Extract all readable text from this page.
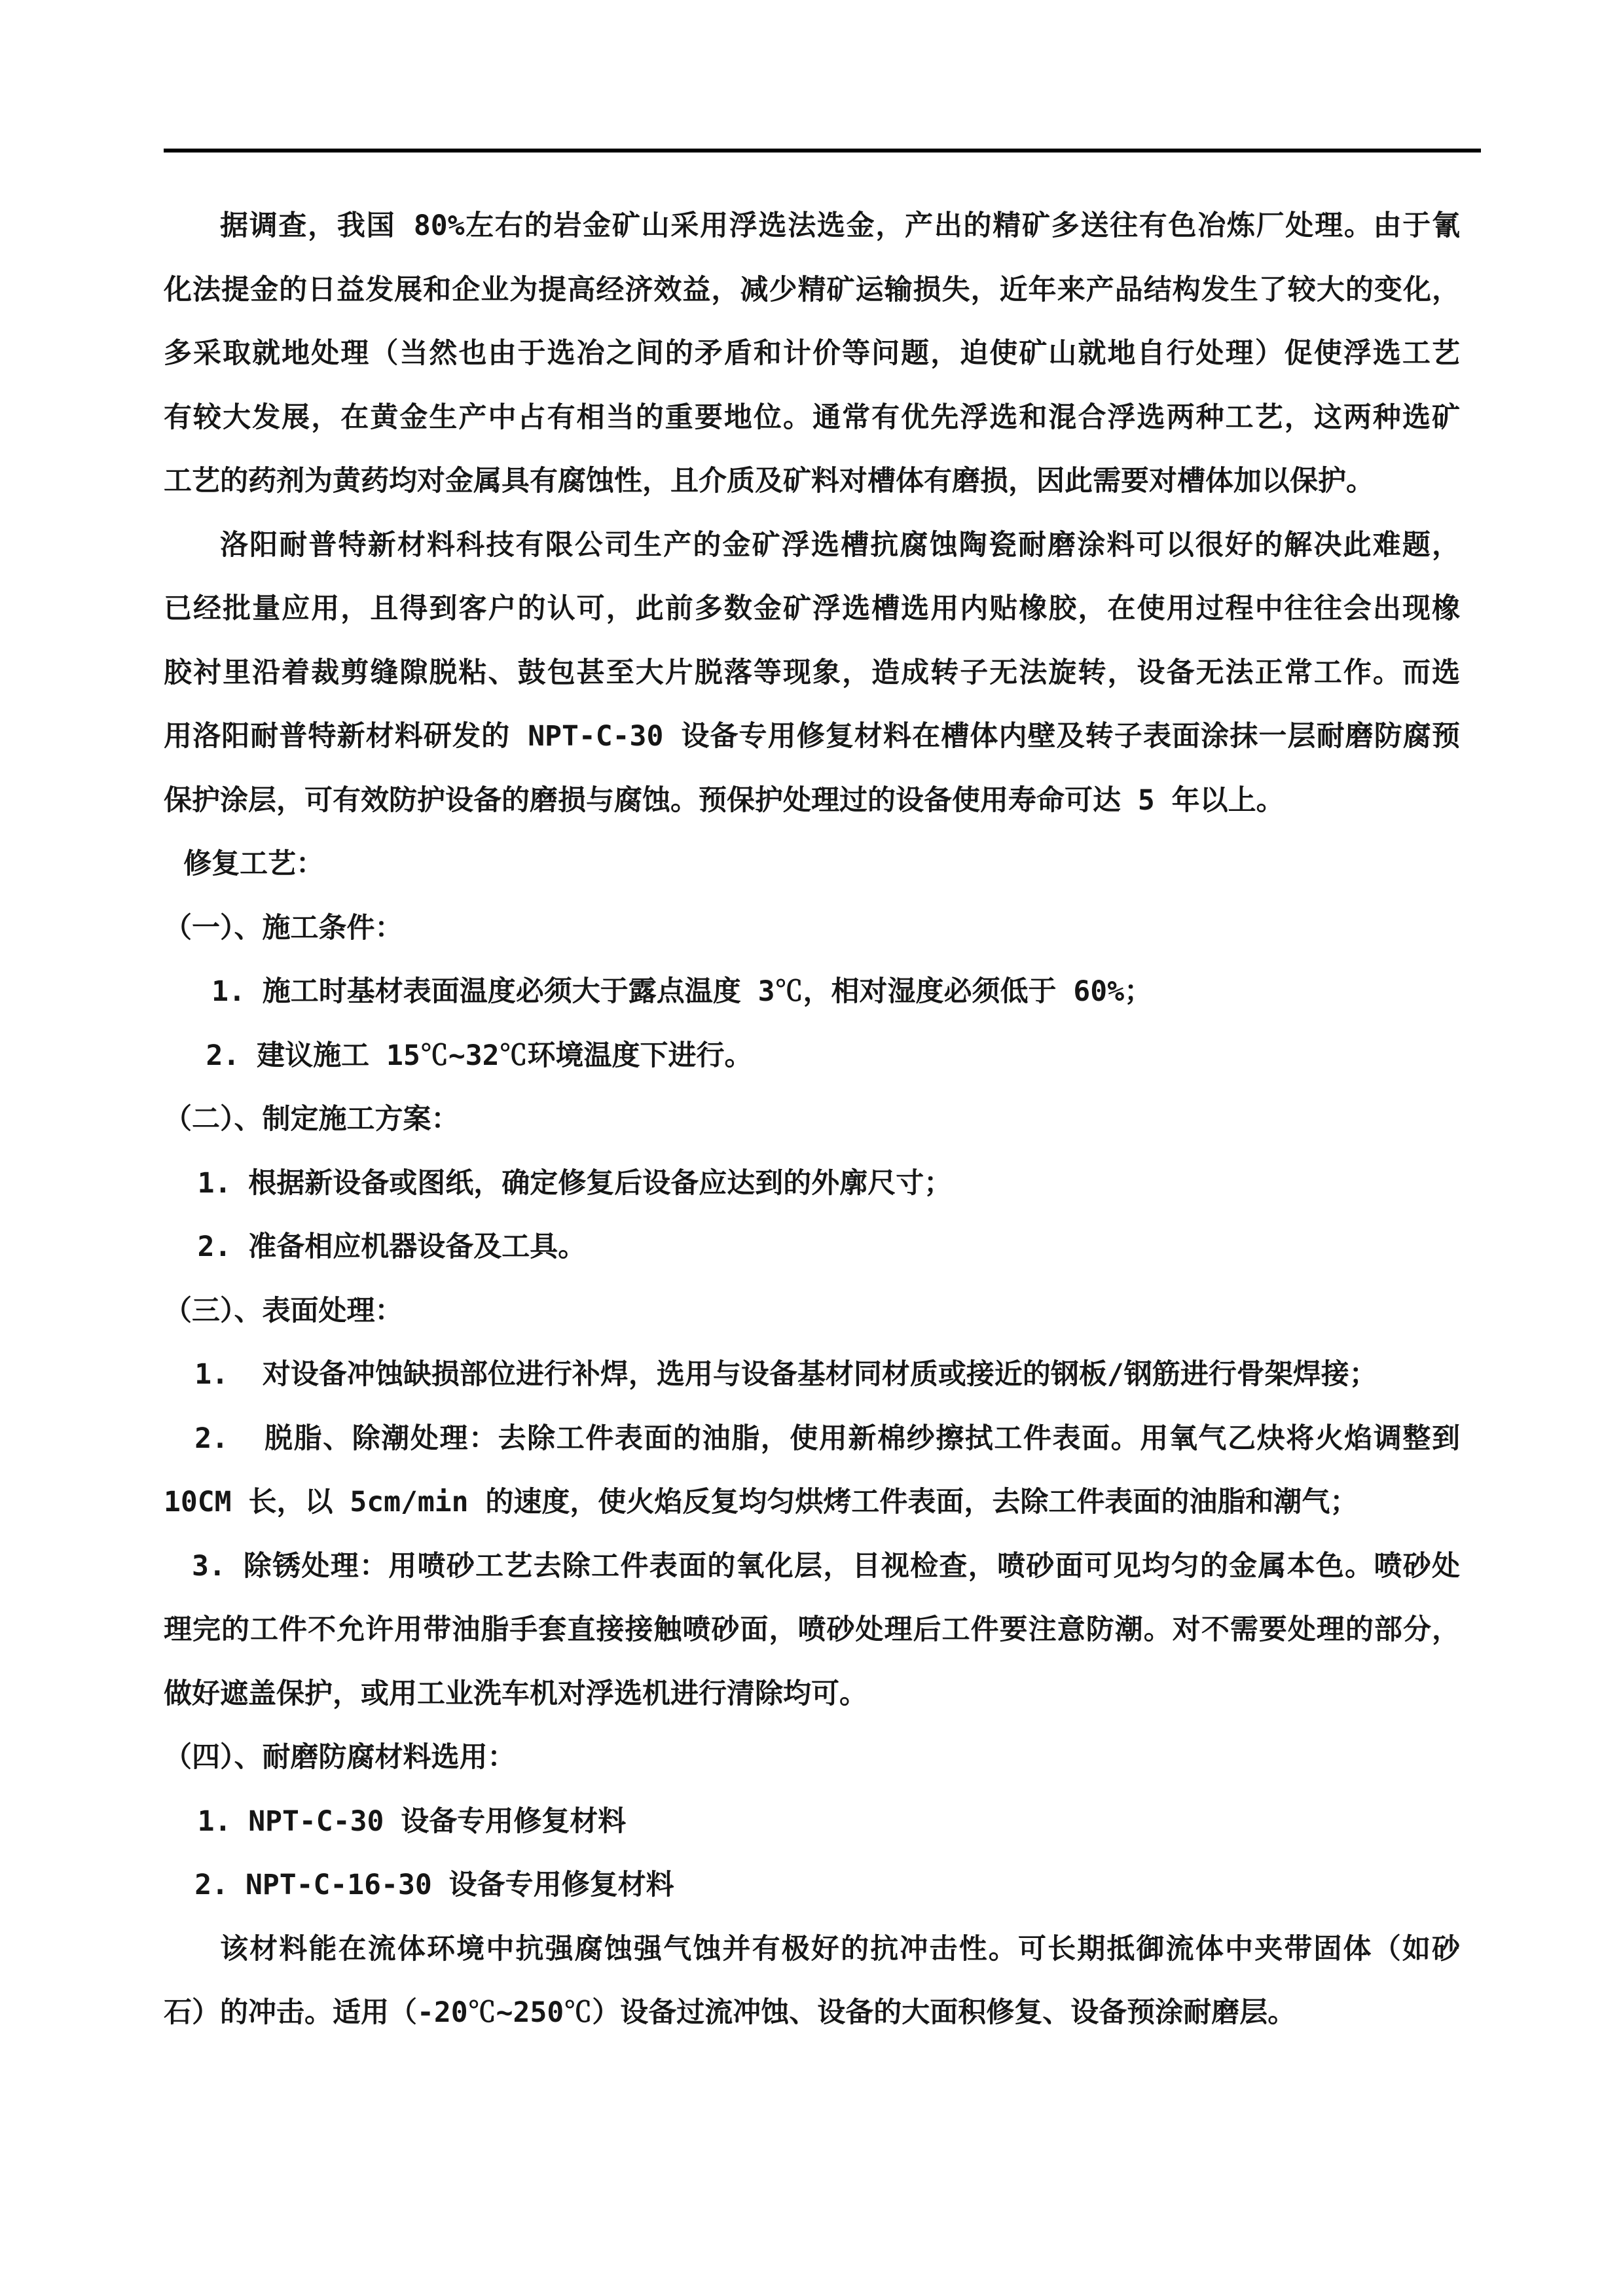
据调查，我国 80%左右的岩金矿山采用浮选法选金，产出的精矿多送往有色冶炼厂处理。由于氰
化法提金的日益发展和企业为提高经济效益，减少精矿运输损失，近年来产品结构发生了较大的变化，
多采取就地处理（当然也由于选冶之间的矛盾和计价等问题，迫使矿山就地自行处理）促使浮选工艺
有较大发展，在黄金生产中占有相当的重要地位。通常有优先浮选和混合浮选两种工艺，这两种选矿
工艺的药剂为黄药均对金属具有腐蚀性，且介质及矿料对槽体有磨损，因此需要对槽体加以保护。
洛阳耐普特新材料科技有限公司生产的金矿浮选槽抗腐蚀陶瓷耐磨涂料可以很好的解决此难题，
已经批量应用，且得到客户的认可，此前多数金矿浮选槽选用内贴橡胶，在使用过程中往往会出现橡
胶衬里沿着裁剪缝隙脱粘、鼓包甚至大片脱落等现象，造成转子无法旋转，设备无法正常工作。而选
用洛阳耐普特新材料研发的 NPT-C-30 设备专用修复材料在槽体内壁及转子表面涂抹一层耐磨防腐预
保护涂层，可有效防护设备的磨损与腐蚀。预保护处理过的设备使用寿命可达 5 年以上。
修复工艺：
（一）、施工条件：
1. 施工时基材表面温度必须大于露点温度 3℃，相对湿度必须低于 60%；
2. 建议施工 15℃~32℃环境温度下进行。
（二）、制定施工方案：
1. 根据新设备或图纸，确定修复后设备应达到的外廓尺寸；
2. 准备相应机器设备及工具。
（三）、表面处理：
1.  对设备冲蚀缺损部位进行补焊，选用与设备基材同材质或接近的钢板/钢筋进行骨架焊接；
2.  脱脂、除潮处理：去除工件表面的油脂，使用新棉纱擦拭工件表面。用氧气乙炔将火焰调整到
10CM 长，以 5cm/min 的速度，使火焰反复均匀烘烤工件表面，去除工件表面的油脂和潮气；
3. 除锈处理：用喷砂工艺去除工件表面的氧化层，目视检查，喷砂面可见均匀的金属本色。喷砂处
理完的工件不允许用带油脂手套直接接触喷砂面，喷砂处理后工件要注意防潮。对不需要处理的部分，
做好遮盖保护，或用工业洗车机对浮选机进行清除均可。
（四）、耐磨防腐材料选用：
1. NPT-C-30 设备专用修复材料
2. NPT-C-16-30 设备专用修复材料
该材料能在流体环境中抗强腐蚀强气蚀并有极好的抗冲击性。可长期抵御流体中夹带固体（如砂
石）的冲击。适用（-20℃~250℃）设备过流冲蚀、设备的大面积修复、设备预涂耐磨层。
